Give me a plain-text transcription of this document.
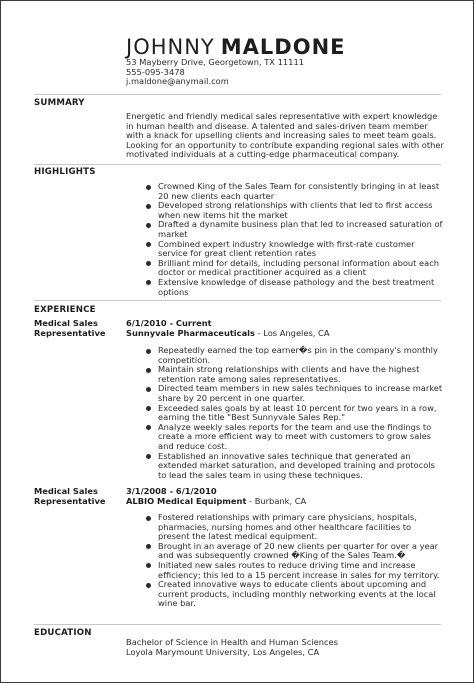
JOHNNY MALDONE
53 Mayberry Drive, Georgetown, TX 11111
555-095-3478
j.maldone@anymail.com
SUMMARY
Energetic and friendly medical sales representative with expert knowledge in human health and disease. A talented and sales-driven team member with a knack for upselling clients and increasing sales to meet team goals. Looking for an opportunity to contribute expanding regional sales with other motivated individuals at a cutting-edge pharmaceutical company.
HIGHLIGHTS
Crowned King of the Sales Team for consistently bringing in at least 20 new clients each quarter
Developed strong relationships with clients that led to first access when new items hit the market
Drafted a dynamite business plan that led to increased saturation of market
Combined expert industry knowledge with first-rate customer service for great client retention rates
Brilliant mind for details, including personal information about each doctor or medical practitioner acquired as a client
Extensive knowledge of disease pathology and the best treatment options
EXPERIENCE
Medical Sales Representative
6/1/2010 - Current
Sunnyvale Pharmaceuticals - Los Angeles, CA
Repeatedly earned the top earner�s pin in the company's monthly competition.
Maintain strong relationships with clients and have the highest retention rate among sales representatives.
Directed team members in new sales techniques to increase market share by 20 percent in one quarter.
Exceeded sales goals by at least 10 percent for two years in a row, earning the title "Best Sunnyvale Sales Rep."
Analyze weekly sales reports for the team and use the findings to create a more efficient way to meet with customers to grow sales and reduce cost.
Established an innovative sales technique that generated an extended market saturation, and developed training and protocols to lead the sales team in using these techniques.
Medical Sales Representative
3/1/2008 - 6/1/2010
ALBIO Medical Equipment - Burbank, CA
Fostered relationships with primary care physicians, hospitals, pharmacies, nursing homes and other healthcare facilities to present the latest medical equipment.
Brought in an average of 20 new clients per quarter for over a year and was subsequently crowned �King of the Sales Team.�
Initiated new sales routes to reduce driving time and increase efficiency; this led to a 15 percent increase in sales for my territory.
Created innovative ways to educate clients about upcoming and current products, including monthly networking events at the local wine bar.
EDUCATION
Bachelor of Science in Health and Human Sciences
Loyola Marymount University, Los Angeles, CA
